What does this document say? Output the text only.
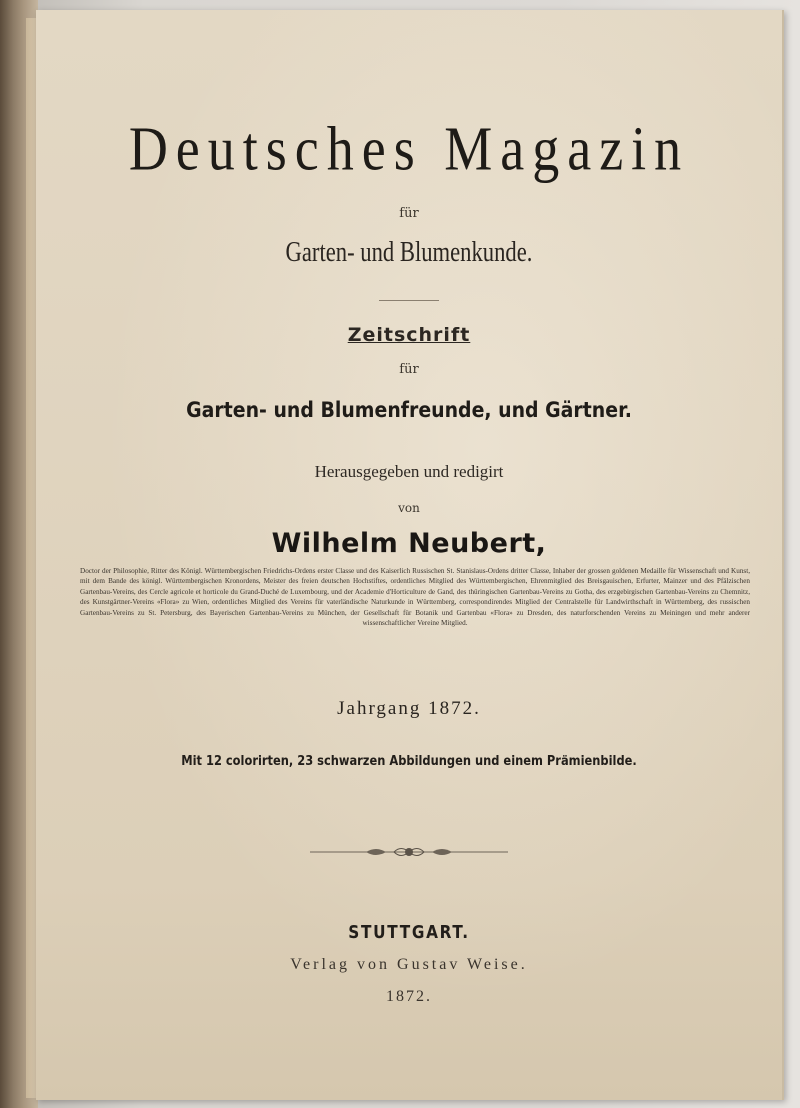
Deutsches Magazin
für
Garten- und Blumenkunde.
Zeitschrift
für
Garten- und Blumenfreunde, und Gärtner.
Herausgegeben und redigirt
von
Wilhelm Neubert,
Doctor der Philosophie, Ritter des Königl. Württembergischen Friedrichs-Ordens erster Classe und des Kaiserlich Russischen St. Stanislaus-Ordens dritter Classe, Inhaber der grossen goldenen Medaille für Wissenschaft und Kunst, mit dem Bande des königl. Württembergischen Kronordens, Meister des freien deutschen Hochstiftes, ordentliches Mitglied des Württembergischen, Ehrenmitglied des Breisgauischen, Erfurter, Mainzer und des Pfälzischen Gartenbau-Vereins, des Cercle agricole et horticole du Grand-Duché de Luxembourg, und der Academie d'Horticulture de Gand, des thüringischen Gartenbau-Vereins zu Gotha, des erzgebirgischen Gartenbau-Vereins zu Chemnitz, des Kunstgärtner-Vereins «Flora» zu Wien, ordentliches Mitglied des Vereins für vaterländische Naturkunde in Württemberg, correspondirendes Mitglied der Centralstelle für Landwirthschaft in Württemberg, des russischen Gartenbau-Vereins zu St. Petersburg, des Bayerischen Gartenbau-Vereins zu München, der Gesellschaft für Botanik und Gartenbau «Flora» zu Dresden, des naturforschenden Vereins zu Meiningen und mehr anderer wissenschaftlicher Vereine Mitglied.
Jahrgang 1872.
Mit 12 colorirten, 23 schwarzen Abbildungen und einem Prämienbilde.
STUTTGART.
Verlag von Gustav Weise.
1872.
